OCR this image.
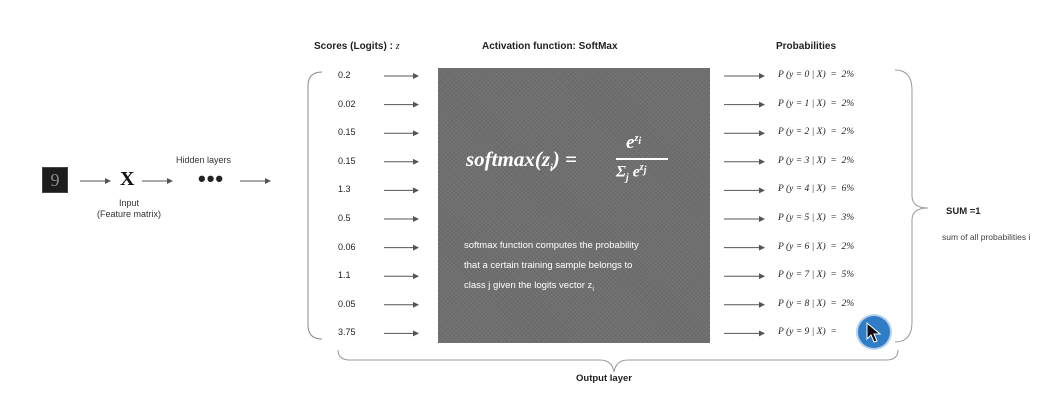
9	X
Input
(Feature matrix)
Hidden layers
•••
Scores (Logits) : z	Activation function: SoftMax	Probabilities
0.2
0.02
0.15
0.15
1.3
0.5
0.06
1.1
0.05
3.75
$softmax(z_i)$ =
$e^{z_i}$
$\Sigma_j$ $e^{z_j}$
softmax function computes the probability
that a certain training sample belongs to
class j given the logits vector $z_i$
P (y = 0 | X)  =  2%
P (y = 1 | X)  =  2%
P (y = 2 | X)  =  2%
P (y = 3 | X)  =  2%
P (y = 4 | X)  =  6%
P (y = 5 | X)  =  3%
P (y = 6 | X)  =  2%
P (y = 7 | X)  =  5%
P (y = 8 | X)  =  2%
P (y = 9 | X)  =
SUM =1
sum of all probabilities i
Output layer
